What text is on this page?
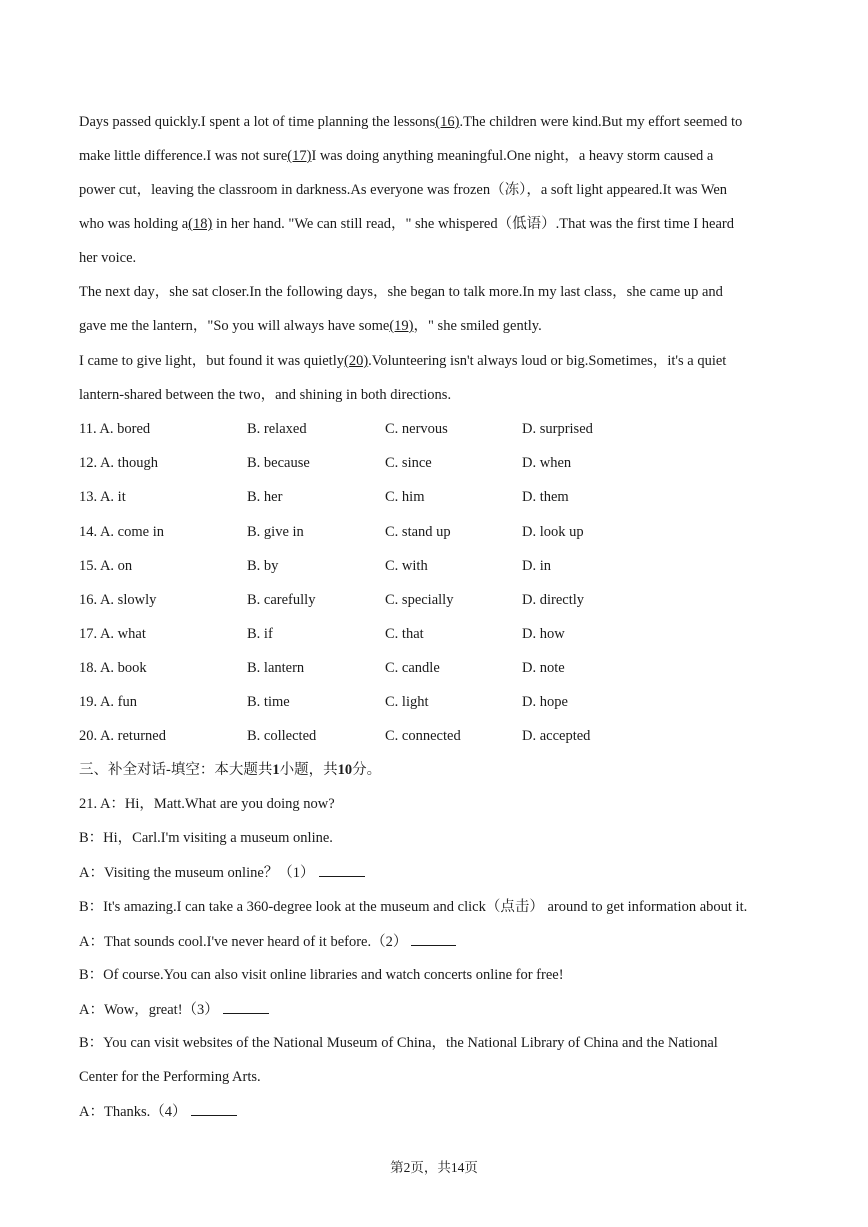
Days passed quickly.I spent a lot of time planning the lessons(16).The children were kind.But my effort seemed to
make little difference.I was not sure(17)I was doing anything meaningful.One night，a heavy storm caused a
power cut，leaving the classroom in darkness.As everyone was frozen（冻），a soft light appeared.It was Wen
who was holding a(18) in her hand. "We can still read，" she whispered（低语）.That was the first time I heard
her voice.
The next day，she sat closer.In the following days，she began to talk more.In my last class，she came up and
gave me the lantern，"So you will always have some(19)，" she smiled gently.
I came to give light，but found it was quietly(20).Volunteering isn't always loud or big.Sometimes，it's a quiet
lantern-shared between the two，and shining in both directions.
11. A. bored	B. relaxed	C. nervous	D. surprised
12. A. though	B. because	C. since	D. when
13. A. it	B. her	C. him	D. them
14. A. come in	B. give in	C. stand up	D. look up
15. A. on	B. by	C. with	D. in
16. A. slowly	B. carefully	C. specially	D. directly
17. A. what	B. if	C. that	D. how
18. A. book	B. lantern	C. candle	D. note
19. A. fun	B. time	C. light	D. hope
20. A. returned	B. collected	C. connected	D. accepted
三、补全对话-填空：本大题共1小题，共10分。
21. A：Hi，Matt.What are you doing now?
B：Hi，Carl.I'm visiting a museum online.
A：Visiting the museum online？（1）
B：It's amazing.I can take a 360-degree look at the museum and click（点击） around to get information about it.
A：That sounds cool.I've never heard of it before.（2）
B：Of course.You can also visit online libraries and watch concerts online for free!
A：Wow，great!（3）
B：You can visit websites of the National Museum of China，the National Library of China and the National
Center for the Performing Arts.
A：Thanks.（4）
第2页，共14页
